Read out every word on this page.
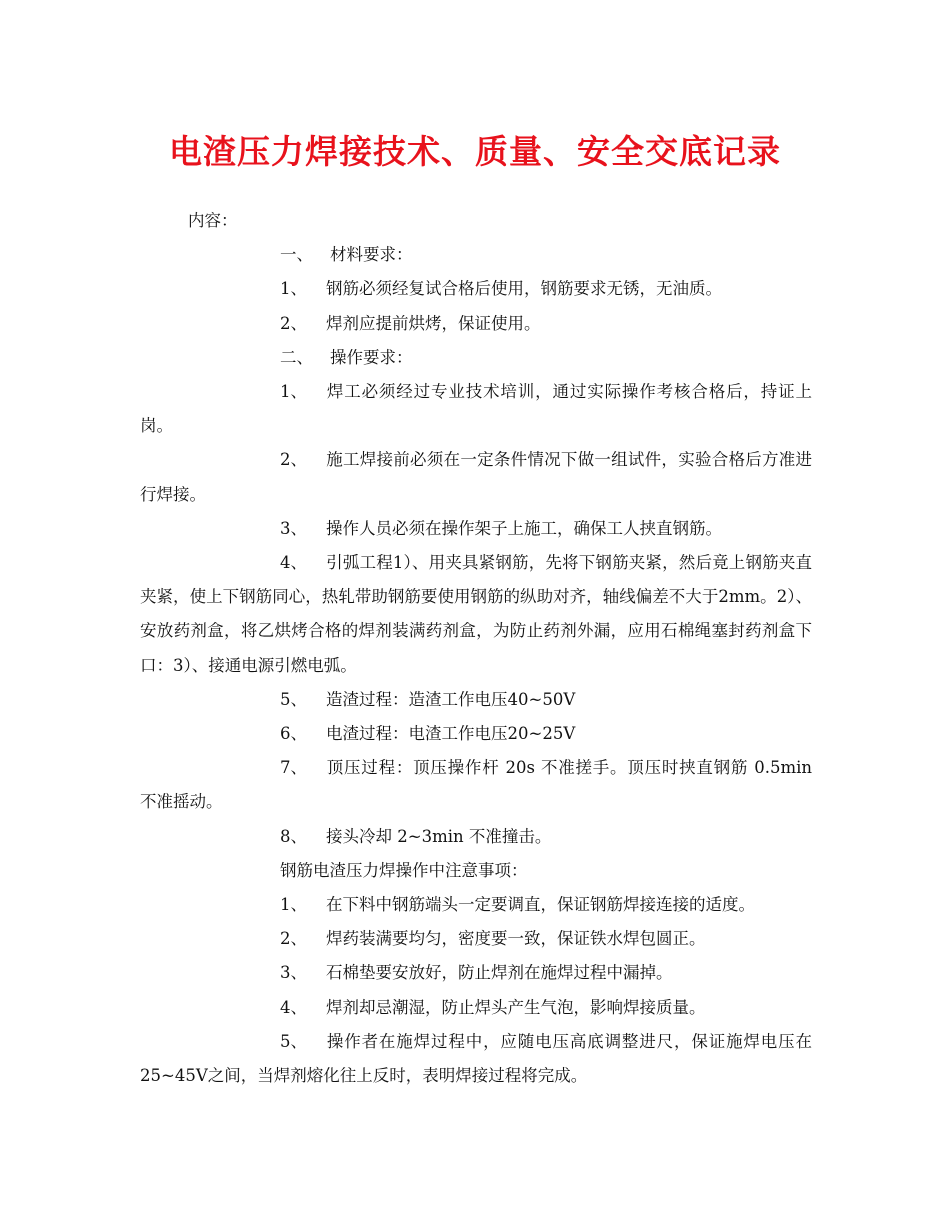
电渣压力焊接技术、质量、安全交底记录

内容：

一、 材料要求：

1、 钢筋必须经复试合格后使用，钢筋要求无锈，无油质。

2、 焊剂应提前烘烤，保证使用。

二、 操作要求：

1、 焊工必须经过专业技术培训，通过实际操作考核合格后，持证上岗。

2、 施工焊接前必须在一定条件情况下做一组试件，实验合格后方准进行焊接。

3、 操作人员必须在操作架子上施工，确保工人挟直钢筋。

4、 引弧工程1）、用夹具紧钢筋，先将下钢筋夹紧，然后竟上钢筋夹直夹紧，使上下钢筋同心，热轧带助钢筋要使用钢筋的纵助对齐，轴线偏差不大于2mm。2）、安放药剂盒，将乙烘烤合格的焊剂装满药剂盒，为防止药剂外漏，应用石棉绳塞封药剂盒下口：3）、接通电源引燃电弧。

5、 造渣过程：造渣工作电压40~50V

6、 电渣过程：电渣工作电压20~25V

7、 顶压过程：顶压操作杆 20s 不准搓手。顶压时挟直钢筋 0.5min 不准摇动。

8、 接头冷却 2~3min 不准撞击。

钢筋电渣压力焊操作中注意事项：

1、 在下料中钢筋端头一定要调直，保证钢筋焊接连接的适度。

2、 焊药装满要均匀，密度要一致，保证铁水焊包圆正。

3、 石棉垫要安放好，防止焊剂在施焊过程中漏掉。

4、 焊剂却忌潮湿，防止焊头产生气泡，影响焊接质量。

5、 操作者在施焊过程中，应随电压高底调整进尺，保证施焊电压在25~45V之间，当焊剂熔化往上反时，表明焊接过程将完成。
